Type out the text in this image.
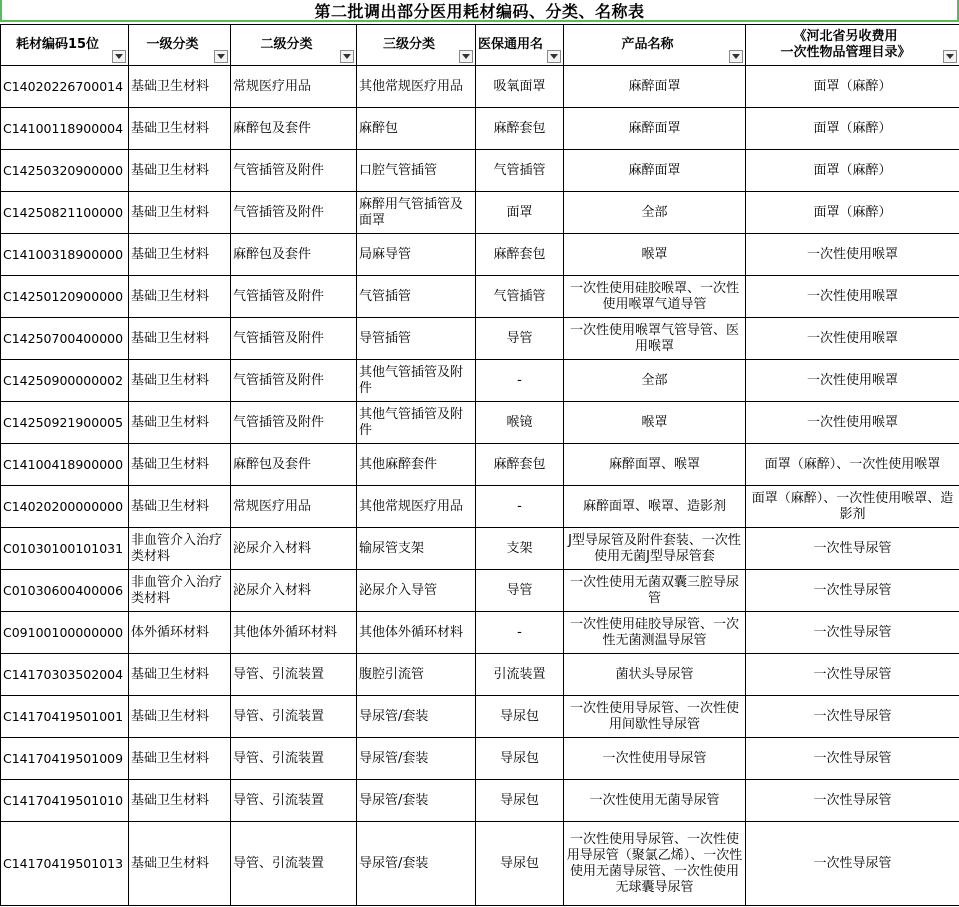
第二批调出部分医用耗材编码、分类、名称表
耗材编码15位	一级分类	二级分类	三级分类	医保通用名	产品名称	《河北省另收费用
一次性物品管理目录》

C14020226700014	基础卫生材料	常规医疗用品	其他常规医疗用品	吸氧面罩	麻醉面罩	面罩（麻醉）
C14100118900004	基础卫生材料	麻醉包及套件	麻醉包	麻醉套包	麻醉面罩	面罩（麻醉）
C14250320900000	基础卫生材料	气管插管及附件	口腔气管插管	气管插管	麻醉面罩	面罩（麻醉）
C14250821100000	基础卫生材料	气管插管及附件	麻醉用气管插管及面罩	面罩	全部	面罩（麻醉）
C14100318900000	基础卫生材料	麻醉包及套件	局麻导管	麻醉套包	喉罩	一次性使用喉罩
C14250120900000	基础卫生材料	气管插管及附件	气管插管	气管插管	一次性使用硅胶喉罩、一次性使用喉罩气道导管	一次性使用喉罩
C14250700400000	基础卫生材料	气管插管及附件	导管插管	导管	一次性使用喉罩气管导管、医用喉罩	一次性使用喉罩
C14250900000002	基础卫生材料	气管插管及附件	其他气管插管及附件	-	全部	一次性使用喉罩
C14250921900005	基础卫生材料	气管插管及附件	其他气管插管及附件	喉镜	喉罩	一次性使用喉罩
C14100418900000	基础卫生材料	麻醉包及套件	其他麻醉套件	麻醉套包	麻醉面罩、喉罩	面罩（麻醉）、一次性使用喉罩
C14020200000000	基础卫生材料	常规医疗用品	其他常规医疗用品	-	麻醉面罩、喉罩、造影剂	面罩（麻醉）、一次性使用喉罩、造影剂
C01030100101031	非血管介入治疗类材料	泌尿介入材料	输尿管支架	支架	J型导尿管及附件套装、一次性使用无菌J型导尿管套	一次性导尿管
C01030600400006	非血管介入治疗类材料	泌尿介入材料	泌尿介入导管	导管	一次性使用无菌双囊三腔导尿管	一次性导尿管
C09100100000000	体外循环材料	其他体外循环材料	其他体外循环材料	-	一次性使用硅胶导尿管、一次性无菌测温导尿管	一次性导尿管
C14170303502004	基础卫生材料	导管、引流装置	腹腔引流管	引流装置	菌状头导尿管	一次性导尿管
C14170419501001	基础卫生材料	导管、引流装置	导尿管/套装	导尿包	一次性使用导尿管、一次性使用间歇性导尿管	一次性导尿管
C14170419501009	基础卫生材料	导管、引流装置	导尿管/套装	导尿包	一次性使用导尿管	一次性导尿管
C14170419501010	基础卫生材料	导管、引流装置	导尿管/套装	导尿包	一次性使用无菌导尿管	一次性导尿管
C14170419501013	基础卫生材料	导管、引流装置	导尿管/套装	导尿包	一次性使用导尿管、一次性使用导尿管（聚氯乙烯）、一次性使用无菌导尿管、一次性使用无球囊导尿管	一次性导尿管
